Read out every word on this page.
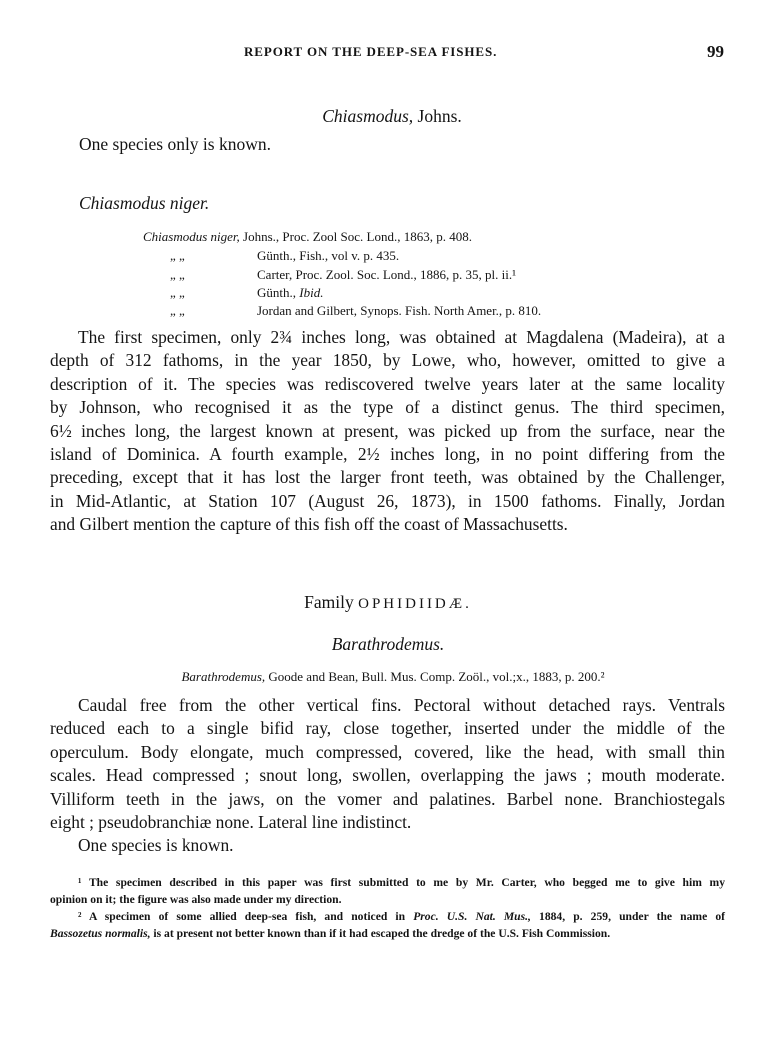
REPORT ON THE DEEP-SEA FISHES.	99
Chiasmodus, Johns.
One species only is known.
Chiasmodus niger.
Chiasmodus niger, Johns., Proc. Zool Soc. Lond., 1863, p. 408.
„ „	Günth., Fish., vol v. p. 435.
„ „	Carter, Proc. Zool. Soc. Lond., 1886, p. 35, pl. ii.¹
„ „	Günth., Ibid.
„ „	Jordan and Gilbert, Synops. Fish. North Amer., p. 810.
The first specimen, only 2¾ inches long, was obtained at Magdalena (Madeira), at a
depth of 312 fathoms, in the year 1850, by Lowe, who, however, omitted to give a
description of it. The species was rediscovered twelve years later at the same locality
by Johnson, who recognised it as the type of a distinct genus. The third specimen,
6½ inches long, the largest known at present, was picked up from the surface, near the
island of Dominica. A fourth example, 2½ inches long, in no point differing from the
preceding, except that it has lost the larger front teeth, was obtained by the Challenger,
in Mid-Atlantic, at Station 107 (August 26, 1873), in 1500 fathoms. Finally, Jordan
and Gilbert mention the capture of this fish off the coast of Massachusetts.
Family OPHIDIIDÆ.
Barathrodemus.
Barathrodemus, Goode and Bean, Bull. Mus. Comp. Zoöl., vol.;x., 1883, p. 200.²
Caudal free from the other vertical fins. Pectoral without detached rays. Ventrals
reduced each to a single bifid ray, close together, inserted under the middle of the
operculum. Body elongate, much compressed, covered, like the head, with small thin
scales. Head compressed ; snout long, swollen, overlapping the jaws ; mouth moderate.
Villiform teeth in the jaws, on the vomer and palatines. Barbel none. Branchiostegals
eight ; pseudobranchiæ none. Lateral line indistinct.
One species is known.
¹ The specimen described in this paper was first submitted to me by Mr. Carter, who begged me to give him my
opinion on it; the figure was also made under my direction.
² A specimen of some allied deep-sea fish, and noticed in Proc. U.S. Nat. Mus., 1884, p. 259, under the name of
Bassozetus normalis, is at present not better known than if it had escaped the dredge of the U.S. Fish Commission.
